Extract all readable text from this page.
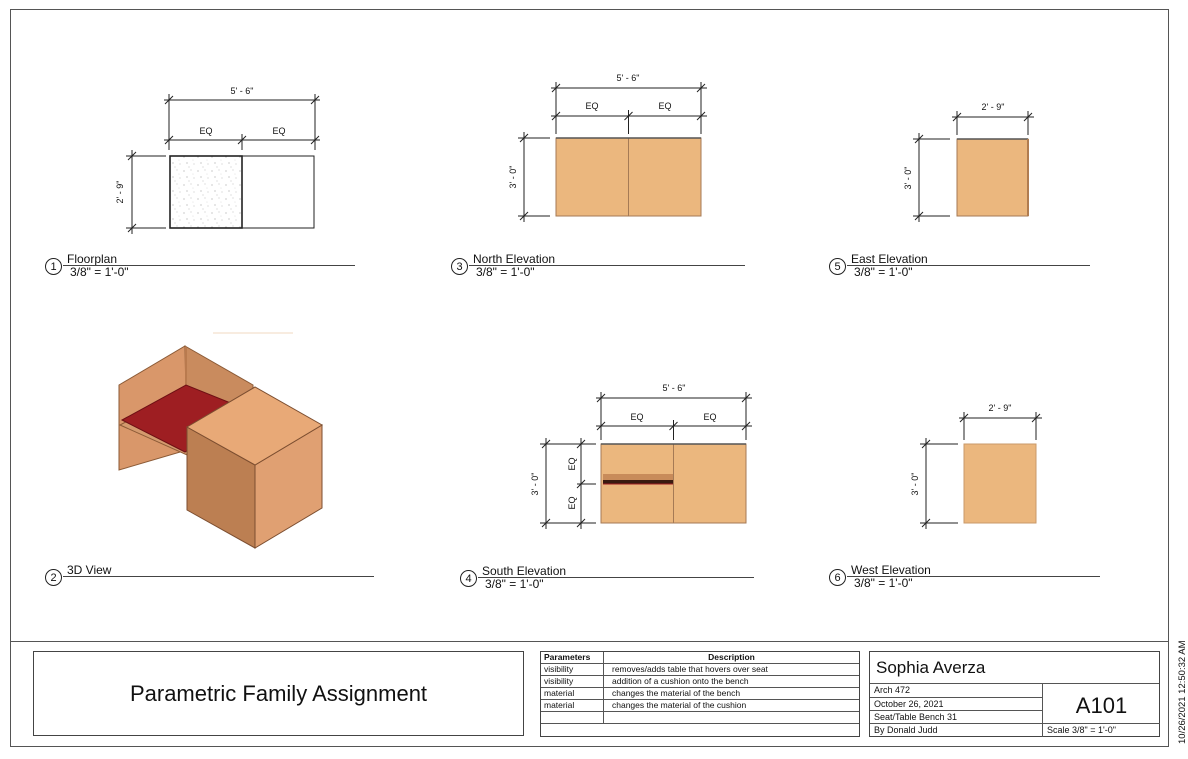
5' - 6"
EQ	EQ
2' - 9"
5' - 6"
EQ	EQ
3' - 0"
2' - 9"
3' - 0"
5' - 6"
EQ	EQ
3' - 0"
EQ
EQ
2' - 9"
3' - 0"
1
Floorplan
3/8" = 1'-0"	3
North Elevation
3/8" = 1'-0"	5
East Elevation
3/8" = 1'-0"
2
3D View
4
South Elevation
3/8" = 1'-0"	6
West Elevation
3/8" = 1'-0"
Parametric Family Assignment
Parameters	Description
visibility	removes/adds table that hovers over seat
visibility	addition of a cushion onto the bench
material	changes the material of the bench
material	changes the material of the cushion

Sophia Averza
Arch 472
October 26, 2021
Seat/Table Bench 31
By Donald Judd
A101
Scale 3/8" = 1'-0"	10/26/2021 12:50:32 AM
